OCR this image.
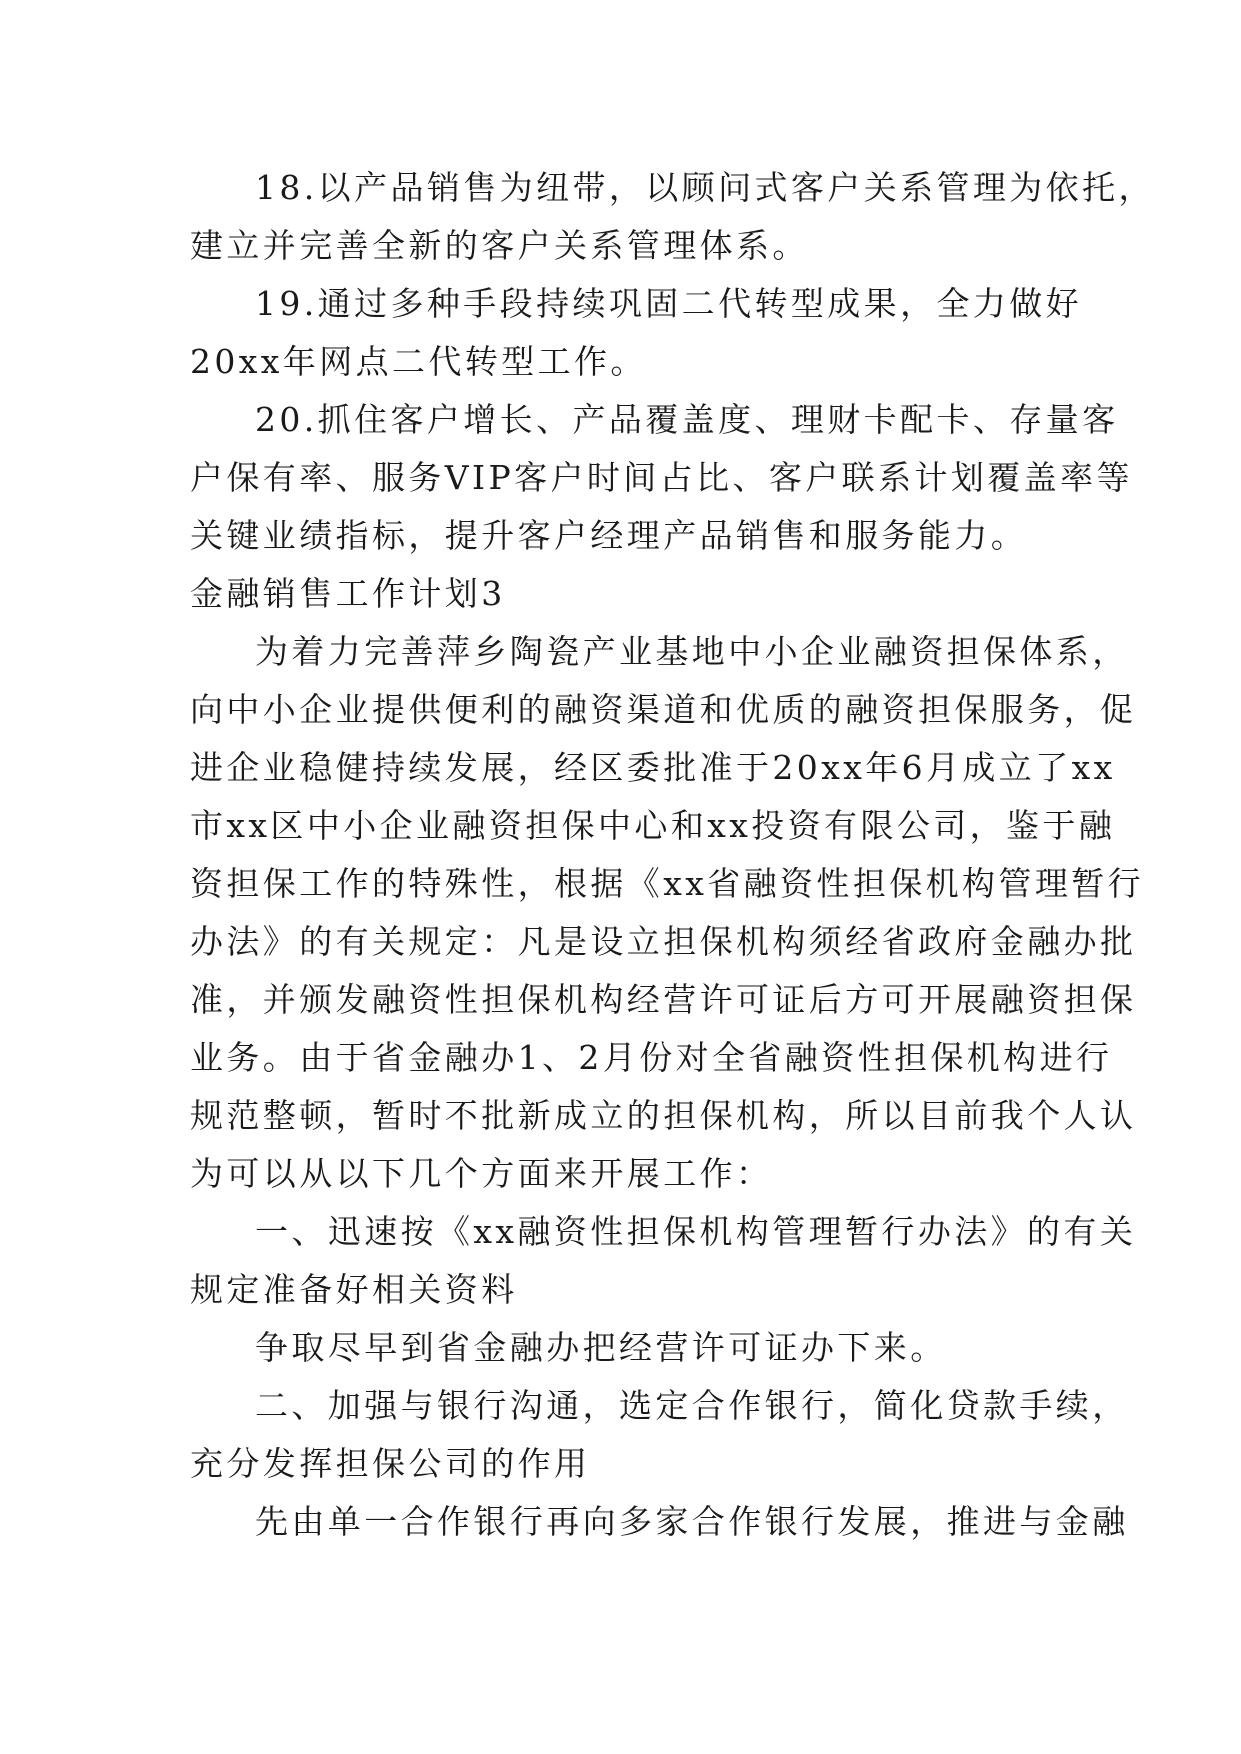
18.以产品销售为纽带，以顾问式客户关系管理为依托，
建立并完善全新的客户关系管理体系。
19.通过多种手段持续巩固二代转型成果，全力做好
20xx年网点二代转型工作。
20.抓住客户增长、产品覆盖度、理财卡配卡、存量客
户保有率、服务VIP客户时间占比、客户联系计划覆盖率等
关键业绩指标，提升客户经理产品销售和服务能力。
金融销售工作计划3
为着力完善萍乡陶瓷产业基地中小企业融资担保体系，
向中小企业提供便利的融资渠道和优质的融资担保服务，促
进企业稳健持续发展，经区委批准于20xx年6月成立了xx
市xx区中小企业融资担保中心和xx投资有限公司，鉴于融
资担保工作的特殊性，根据《xx省融资性担保机构管理暂行
办法》的有关规定：凡是设立担保机构须经省政府金融办批
准，并颁发融资性担保机构经营许可证后方可开展融资担保
业务。由于省金融办1、2月份对全省融资性担保机构进行
规范整顿，暂时不批新成立的担保机构，所以目前我个人认
为可以从以下几个方面来开展工作：
一、迅速按《xx融资性担保机构管理暂行办法》的有关
规定准备好相关资料
争取尽早到省金融办把经营许可证办下来。
二、加强与银行沟通，选定合作银行，简化贷款手续，
充分发挥担保公司的作用
先由单一合作银行再向多家合作银行发展，推进与金融
